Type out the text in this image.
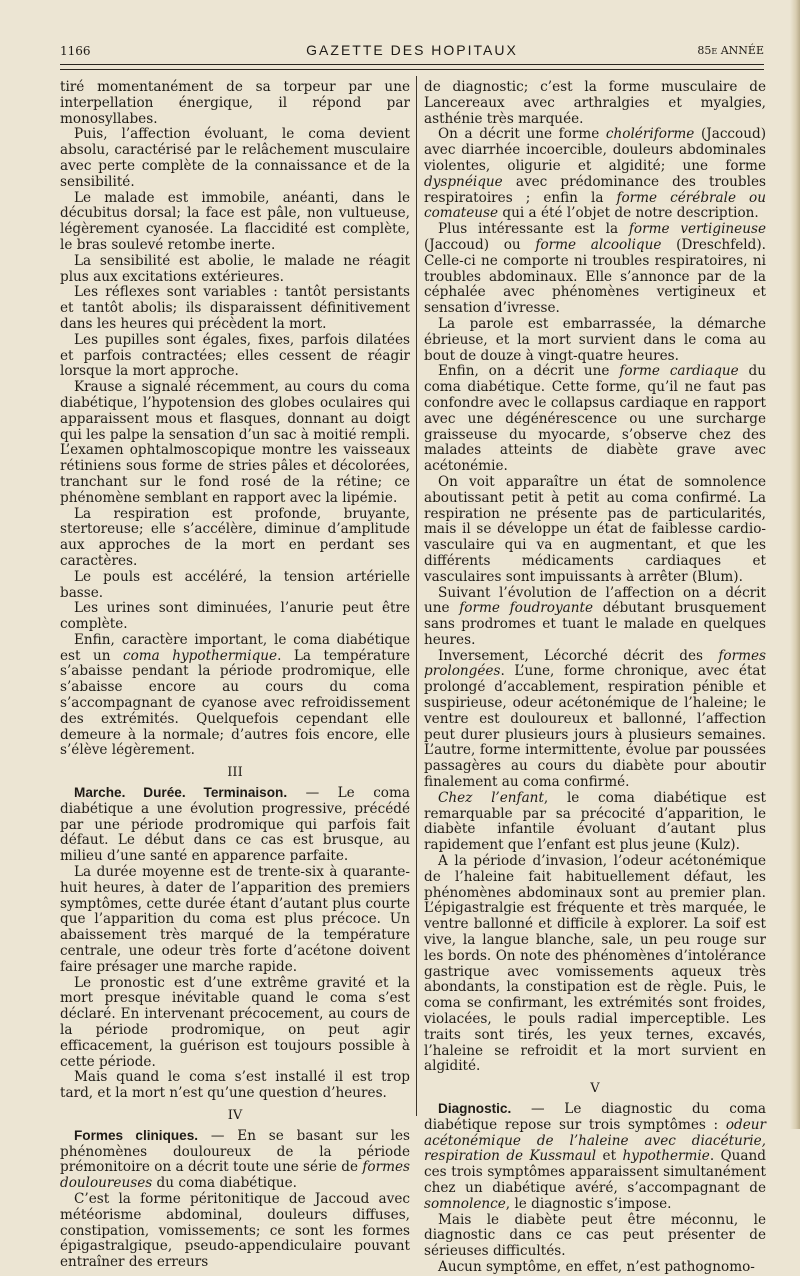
1166	GAZETTE DES HOPITAUX	85e ANNÉE

tiré momentanément de sa torpeur par une interpellation énergique, il répond par monosyllabes.

Puis, l’affection évoluant, le coma devient absolu, caractérisé par le relâchement musculaire avec perte complète de la connaissance et de la sensibilité.

Le malade est immobile, anéanti, dans le décubitus dorsal; la face est pâle, non vultueuse, légèrement cyanosée. La flaccidité est complète, le bras soulevé retombe inerte.

La sensibilité est abolie, le malade ne réagit plus aux excitations extérieures.

Les réflexes sont variables : tantôt persistants et tantôt abolis; ils disparaissent définitivement dans les heures qui précèdent la mort.

Les pupilles sont égales, fixes, parfois dilatées et parfois contractées; elles cessent de réagir lorsque la mort approche.

Krause a signalé récemment, au cours du coma diabétique, l’hypotension des globes oculaires qui apparaissent mous et flasques, donnant au doigt qui les palpe la sensation d’un sac à moitié rempli. L’examen ophtalmoscopique montre les vaisseaux rétiniens sous forme de stries pâles et décolorées, tranchant sur le fond rosé de la rétine; ce phénomène semblant en rapport avec la lipémie.

La respiration est profonde, bruyante, stertoreuse; elle s’accélère, diminue d’amplitude aux approches de la mort en perdant ses caractères.

Le pouls est accéléré, la tension artérielle basse.

Les urines sont diminuées, l’anurie peut être complète.

Enfin, caractère important, le coma diabétique est un coma hypothermique. La température s’abaisse pendant la période prodromique, elle s’abaisse encore au cours du coma s’accompagnant de cyanose avec refroidissement des extrémités. Quelquefois cependant elle demeure à la normale; d’autres fois encore, elle s’élève légèrement.

III

Marche. Durée. Terminaison. — Le coma diabétique a une évolution progressive, précédé par une période prodromique qui parfois fait défaut. Le début dans ce cas est brusque, au milieu d’une santé en apparence parfaite.

La durée moyenne est de trente-six à quarante-huit heures, à dater de l’apparition des premiers symptômes, cette durée étant d’autant plus courte que l’apparition du coma est plus précoce. Un abaissement très marqué de la température centrale, une odeur très forte d’acétone doivent faire présager une marche rapide.

Le pronostic est d’une extrême gravité et la mort presque inévitable quand le coma s’est déclaré. En intervenant précocement, au cours de la période prodromique, on peut agir efficacement, la guérison est toujours possible à cette période.

Mais quand le coma s’est installé il est trop tard, et la mort n’est qu’une question d’heures.

IV

Formes cliniques. — En se basant sur les phénomènes douloureux de la période prémonitoire on a décrit toute une série de formes douloureuses du coma diabétique.

C’est la forme péritonitique de Jaccoud avec météorisme abdominal, douleurs diffuses, constipation, vomissements; ce sont les formes épigastralgique, pseudo-appendiculaire pouvant entraîner des erreurs

de diagnostic; c’est la forme musculaire de Lancereaux avec arthralgies et myalgies, asthénie très marquée.

On a décrit une forme cholériforme (Jaccoud) avec diarrhée incoercible, douleurs abdominales violentes, oligurie et algidité; une forme dyspnéique avec prédominance des troubles respiratoires ; enfin la forme cérébrale ou comateuse qui a été l’objet de notre description.

Plus intéressante est la forme vertigineuse (Jaccoud) ou forme alcoolique (Dreschfeld). Celle-ci ne comporte ni troubles respiratoires, ni troubles abdominaux. Elle s’annonce par de la céphalée avec phénomènes vertigineux et sensation d’ivresse.

La parole est embarrassée, la démarche ébrieuse, et la mort survient dans le coma au bout de douze à vingt-quatre heures.

Enfin, on a décrit une forme cardiaque du coma diabétique. Cette forme, qu’il ne faut pas confondre avec le collapsus cardiaque en rapport avec une dégénérescence ou une surcharge graisseuse du myocarde, s’observe chez des malades atteints de diabète grave avec acétonémie.

On voit apparaître un état de somnolence aboutissant petit à petit au coma confirmé. La respiration ne présente pas de particularités, mais il se développe un état de faiblesse cardio-vasculaire qui va en augmentant, et que les différents médicaments cardiaques et vasculaires sont impuissants à arrêter (Blum).

Suivant l’évolution de l’affection on a décrit une forme foudroyante débutant brusquement sans prodromes et tuant le malade en quelques heures.

Inversement, Lécorché décrit des formes prolongées. L’une, forme chronique, avec état prolongé d’accablement, respiration pénible et suspirieuse, odeur acétonémique de l’haleine; le ventre est douloureux et ballonné, l’affection peut durer plusieurs jours à plusieurs semaines. L’autre, forme intermittente, évolue par poussées passagères au cours du diabète pour aboutir finalement au coma confirmé.

Chez l’enfant, le coma diabétique est remarquable par sa précocité d’apparition, le diabète infantile évoluant d’autant plus rapidement que l’enfant est plus jeune (Kulz).

A la période d’invasion, l’odeur acétonémique de l’haleine fait habituellement défaut, les phénomènes abdominaux sont au premier plan. L’épigastralgie est fréquente et très marquée, le ventre ballonné et difficile à explorer. La soif est vive, la langue blanche, sale, un peu rouge sur les bords. On note des phénomènes d’intolérance gastrique avec vomissements aqueux très abondants, la constipation est de règle. Puis, le coma se confirmant, les extrémités sont froides, violacées, le pouls radial imperceptible. Les traits sont tirés, les yeux ternes, excavés, l’haleine se refroidit et la mort survient en algidité.

V

Diagnostic. — Le diagnostic du coma diabétique repose sur trois symptômes : odeur acétonémique de l’haleine avec diacéturie, respiration de Kussmaul et hypothermie. Quand ces trois symptômes apparaissent simultanément chez un diabétique avéré, s’accompagnant de somnolence, le diagnostic s’impose.

Mais le diabète peut être méconnu, le diagnostic dans ce cas peut présenter de sérieuses difficultés.

Aucun symptôme, en effet, n’est pathognomo-
